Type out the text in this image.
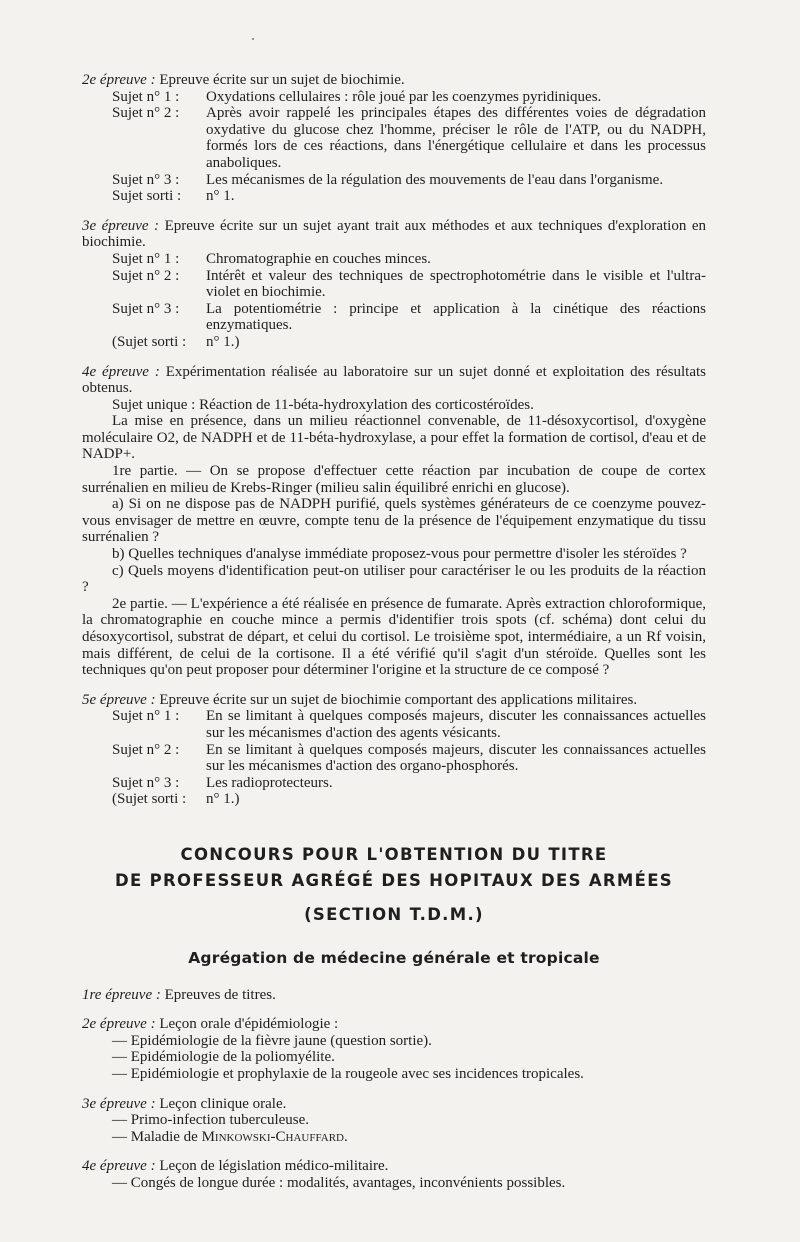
2e épreuve : Epreuve écrite sur un sujet de biochimie.

Sujet n° 1 :	Oxydations cellulaires : rôle joué par les coenzymes pyridiniques.
Sujet n° 2 :	Après avoir rappelé les principales étapes des différentes voies de dégradation oxydative du glucose chez l'homme, préciser le rôle de l'ATP, ou du NADPH, formés lors de ces réactions, dans l'énergétique cellulaire et dans les processus anaboliques.
Sujet n° 3 :	Les mécanismes de la régulation des mouvements de l'eau dans l'organisme.
Sujet sorti :	n° 1.

3e épreuve : Epreuve écrite sur un sujet ayant trait aux méthodes et aux techniques d'exploration en biochimie.

Sujet n° 1 :	Chromatographie en couches minces.
Sujet n° 2 :	Intérêt et valeur des techniques de spectrophotométrie dans le visible et l'ultra-violet en biochimie.
Sujet n° 3 :	La potentiométrie : principe et application à la cinétique des réactions enzymatiques.
(Sujet sorti :	n° 1.)

4e épreuve : Expérimentation réalisée au laboratoire sur un sujet donné et exploitation des résultats obtenus.

Sujet unique : Réaction de 11-béta-hydroxylation des corticostéroïdes.

La mise en présence, dans un milieu réactionnel convenable, de 11-désoxycortisol, d'oxygène moléculaire O2, de NADPH et de 11-béta-hydroxylase, a pour effet la formation de cortisol, d'eau et de NADP+.

1re partie. — On se propose d'effectuer cette réaction par incubation de coupe de cortex surrénalien en milieu de Krebs-Ringer (milieu salin équilibré enrichi en glucose).

a) Si on ne dispose pas de NADPH purifié, quels systèmes générateurs de ce coenzyme pouvez-vous envisager de mettre en œuvre, compte tenu de la présence de l'équipement enzymatique du tissu surrénalien ?

b) Quelles techniques d'analyse immédiate proposez-vous pour permettre d'isoler les stéroïdes ?

c) Quels moyens d'identification peut-on utiliser pour caractériser le ou les produits de la réaction ?

2e partie. — L'expérience a été réalisée en présence de fumarate. Après extraction chloroformique, la chromatographie en couche mince a permis d'identifier trois spots (cf. schéma) dont celui du désoxycortisol, substrat de départ, et celui du cortisol. Le troisième spot, intermédiaire, a un Rf voisin, mais différent, de celui de la cortisone. Il a été vérifié qu'il s'agit d'un stéroïde. Quelles sont les techniques qu'on peut proposer pour déterminer l'origine et la structure de ce composé ?

5e épreuve : Epreuve écrite sur un sujet de biochimie comportant des applications militaires.

Sujet n° 1 :	En se limitant à quelques composés majeurs, discuter les connaissances actuelles sur les mécanismes d'action des agents vésicants.
Sujet n° 2 :	En se limitant à quelques composés majeurs, discuter les connaissances actuelles sur les mécanismes d'action des organo-phosphorés.
Sujet n° 3 :	Les radioprotecteurs.
(Sujet sorti :	n° 1.)
CONCOURS POUR L'OBTENTION DU TITRE
DE PROFESSEUR AGRÉGÉ DES HOPITAUX DES ARMÉES
(SECTION T.D.M.)
Agrégation de médecine générale et tropicale

1re épreuve : Epreuves de titres.

2e épreuve : Leçon orale d'épidémiologie :

— Epidémiologie de la fièvre jaune (question sortie).
— Epidémiologie de la poliomyélite.
— Epidémiologie et prophylaxie de la rougeole avec ses incidences tropicales.

3e épreuve : Leçon clinique orale.

— Primo-infection tuberculeuse.
— Maladie de Minkowski-Chauffard.

4e épreuve : Leçon de législation médico-militaire.

— Congés de longue durée : modalités, avantages, inconvénients possibles.
